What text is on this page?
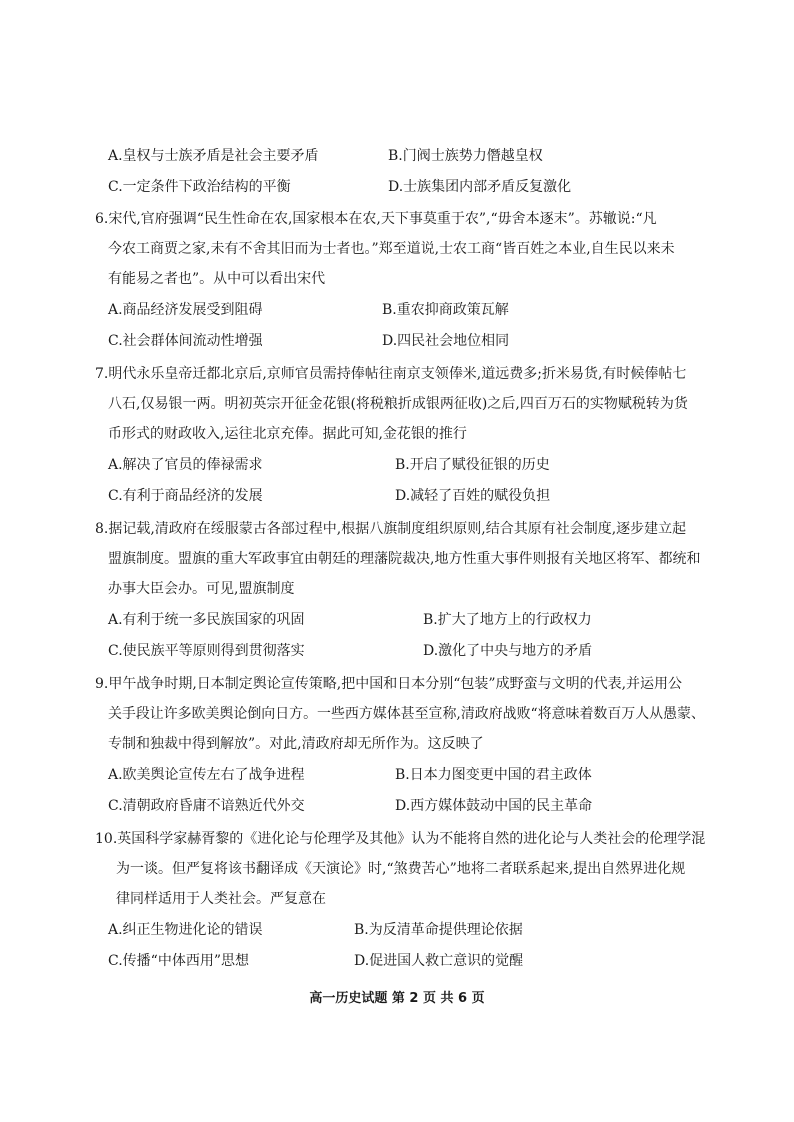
A.皇权与士族矛盾是社会主要矛盾	B.门阀士族势力僭越皇权
C.一定条件下政治结构的平衡	D.士族集团内部矛盾反复激化
6.宋代,官府强调“民生性命在农,国家根本在农,天下事莫重于农”,“毋舍本逐末”。苏辙说:“凡
今农工商贾之家,未有不舍其旧而为士者也。”郑至道说,士农工商“皆百姓之本业,自生民以来未
有能易之者也”。从中可以看出宋代
A.商品经济发展受到阻碍	B.重农抑商政策瓦解
C.社会群体间流动性增强	D.四民社会地位相同
7.明代永乐皇帝迁都北京后,京师官员需持俸帖往南京支领俸米,道远费多;折米易货,有时候俸帖七
八石,仅易银一两。明初英宗开征金花银(将税粮折成银两征收)之后,四百万石的实物赋税转为货
币形式的财政收入,运往北京充俸。据此可知,金花银的推行
A.解决了官员的俸禄需求	B.开启了赋役征银的历史
C.有利于商品经济的发展	D.减轻了百姓的赋役负担
8.据记载,清政府在绥服蒙古各部过程中,根据八旗制度组织原则,结合其原有社会制度,逐步建立起
盟旗制度。盟旗的重大军政事宜由朝廷的理藩院裁决,地方性重大事件则报有关地区将军、都统和
办事大臣会办。可见,盟旗制度
A.有利于统一多民族国家的巩固	B.扩大了地方上的行政权力
C.使民族平等原则得到贯彻落实	D.激化了中央与地方的矛盾
9.甲午战争时期,日本制定舆论宣传策略,把中国和日本分别“包装”成野蛮与文明的代表,并运用公
关手段让许多欧美舆论倒向日方。一些西方媒体甚至宣称,清政府战败“将意味着数百万人从愚蒙、
专制和独裁中得到解放”。对此,清政府却无所作为。这反映了
A.欧美舆论宣传左右了战争进程	B.日本力图变更中国的君主政体
C.清朝政府昏庸不谙熟近代外交	D.西方媒体鼓动中国的民主革命
10.英国科学家赫胥黎的《进化论与伦理学及其他》认为不能将自然的进化论与人类社会的伦理学混
为一谈。但严复将该书翻译成《天演论》时,“煞费苦心”地将二者联系起来,提出自然界进化规
律同样适用于人类社会。严复意在
A.纠正生物进化论的错误	B.为反清革命提供理论依据
C.传播“中体西用”思想	D.促进国人救亡意识的觉醒
高一历史试题 第 2 页 共 6 页
